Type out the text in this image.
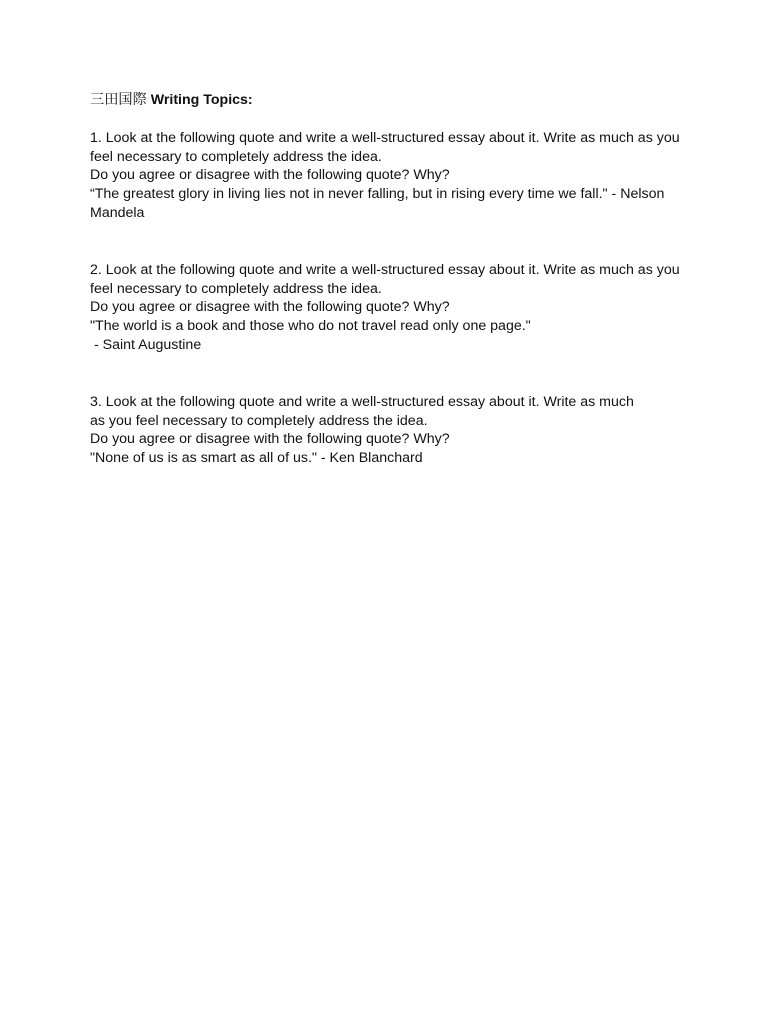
三田国際 Writing Topics:

1. Look at the following quote and write a well-structured essay about it. Write as much as you feel necessary to completely address the idea.

Do you agree or disagree with the following quote? Why?

“The greatest glory in living lies not in never falling, but in rising every time we fall." - Nelson Mandela

2. Look at the following quote and write a well-structured essay about it. Write as much as you feel necessary to completely address the idea.

Do you agree or disagree with the following quote? Why?

"The world is a book and those who do not travel read only one page."

- Saint Augustine

3. Look at the following quote and write a well-structured essay about it. Write as much as you feel necessary to completely address the idea.

Do you agree or disagree with the following quote? Why?

"None of us is as smart as all of us." - Ken Blanchard
